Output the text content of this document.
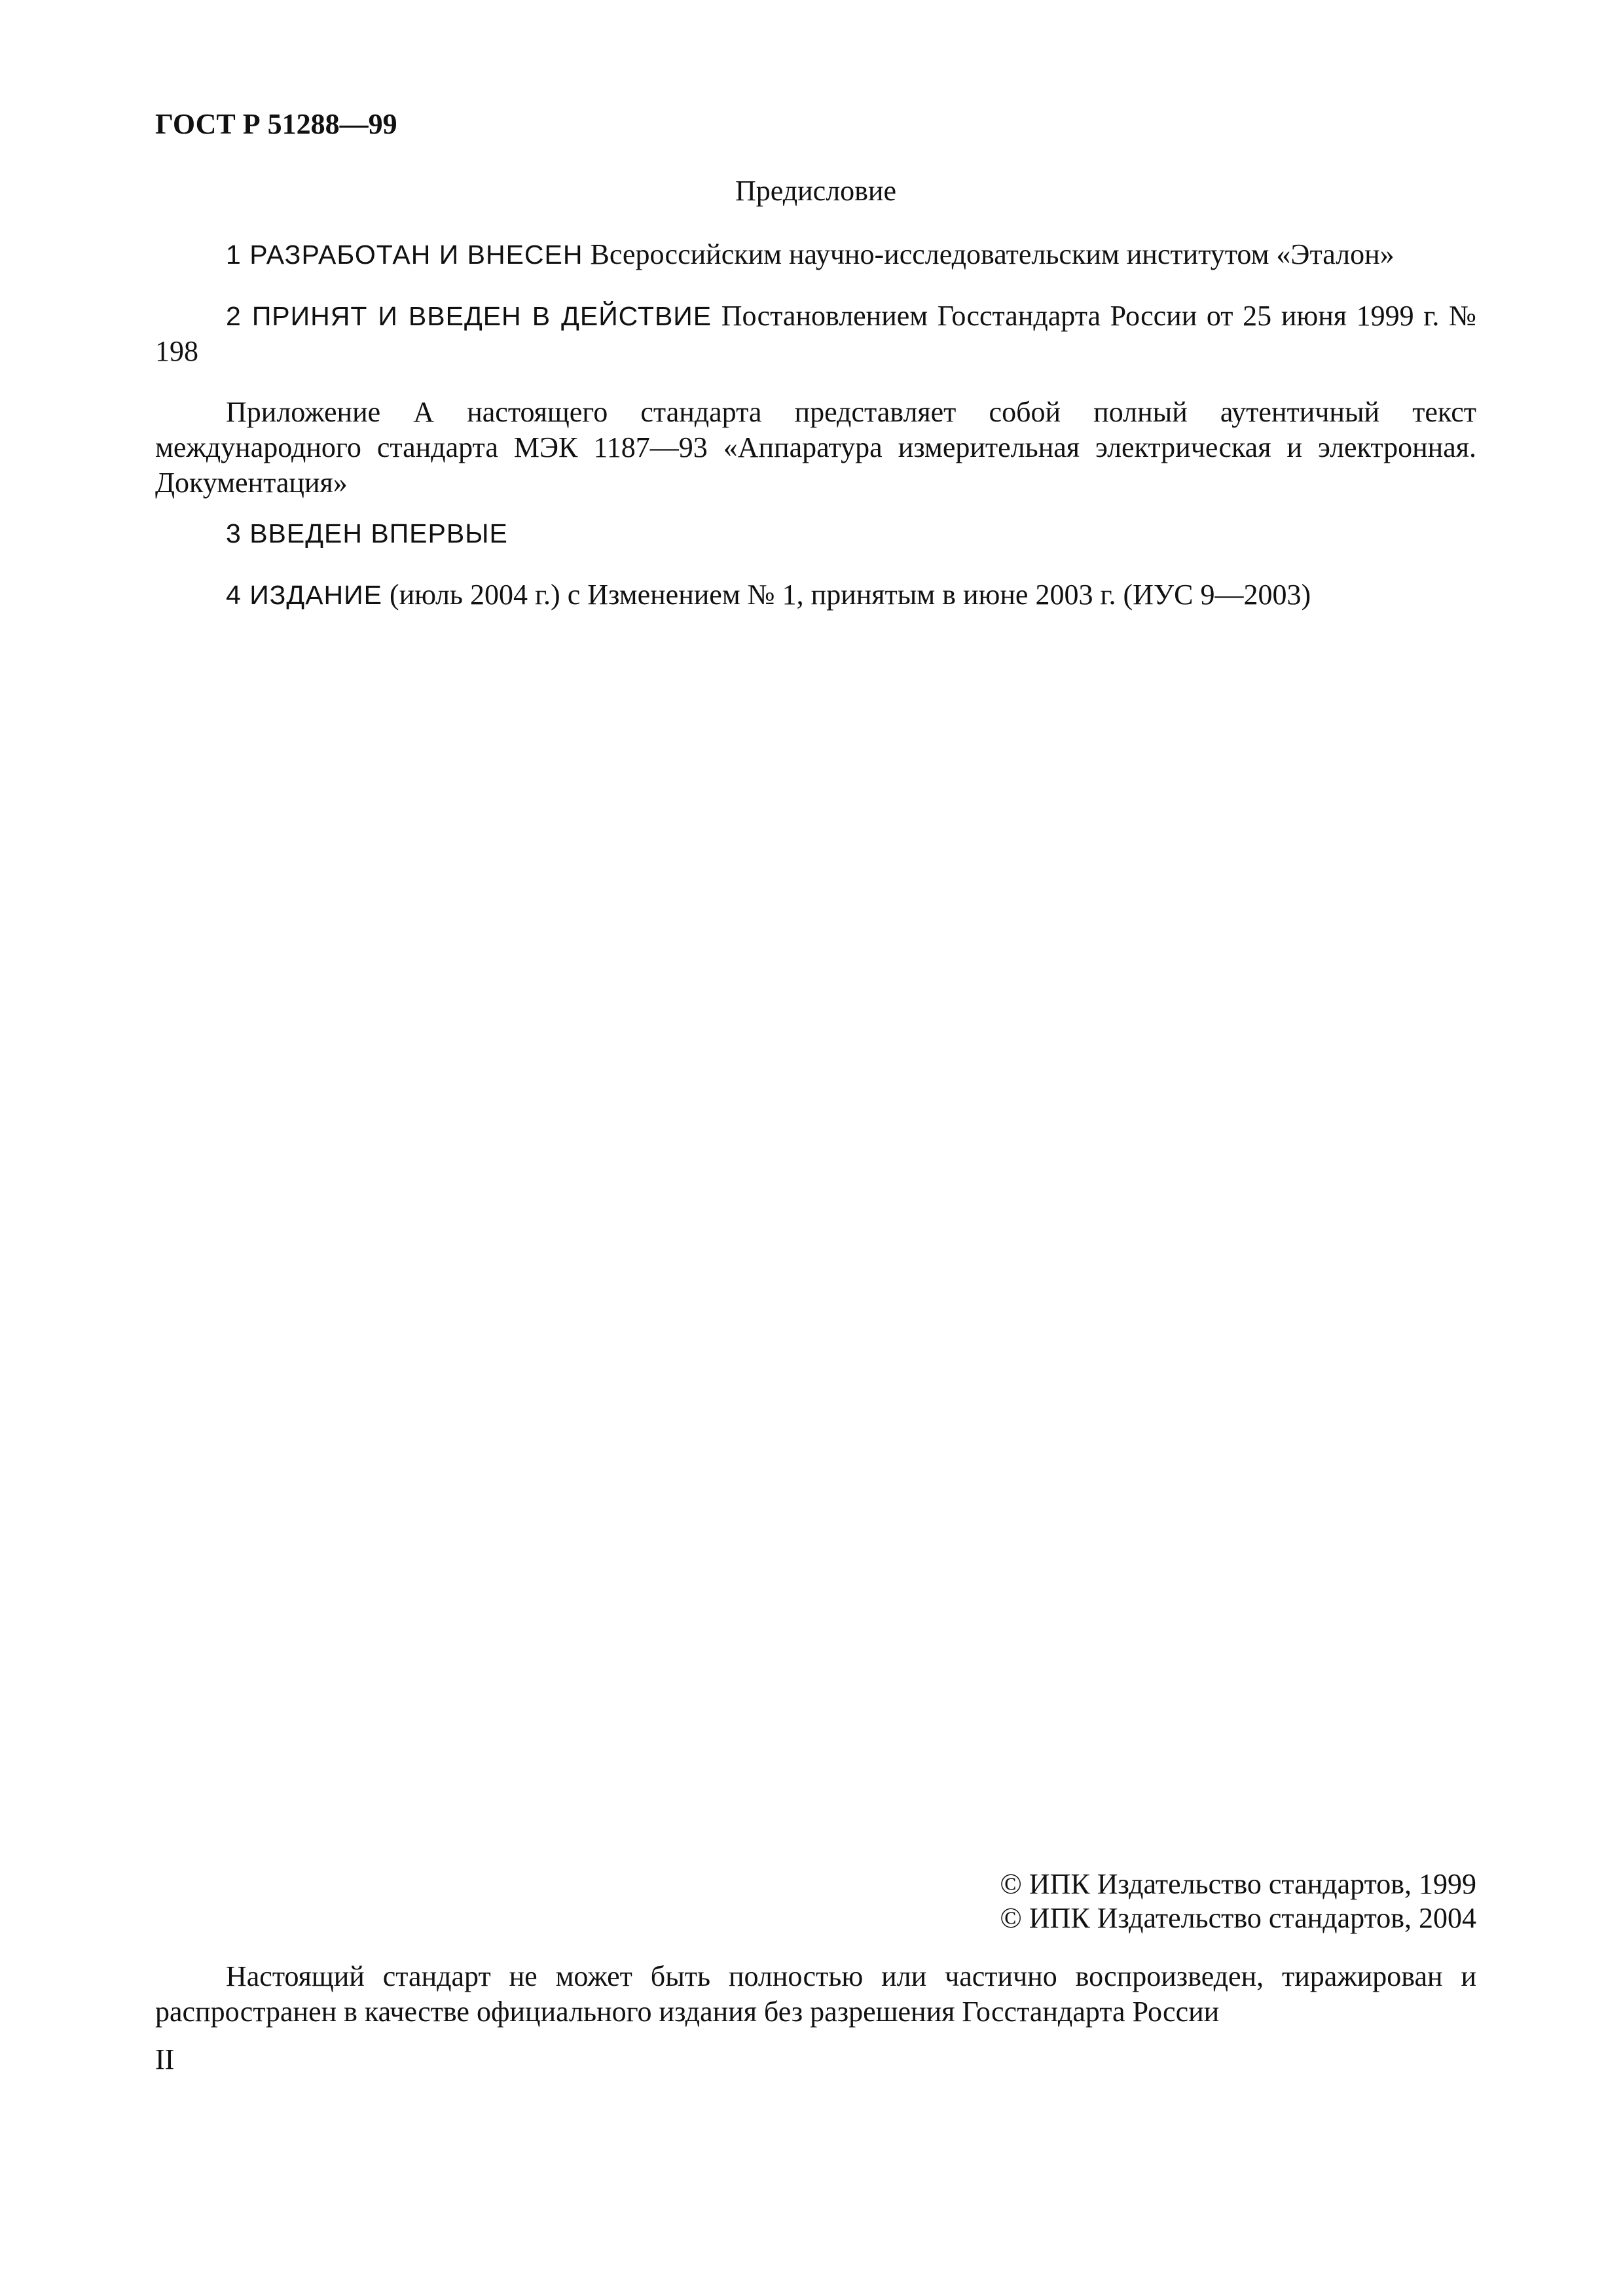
ГОСТ Р 51288—99
Предисловие

1 РАЗРАБОТАН И ВНЕСЕН Всероссийским научно-исследовательским институтом «Эталон»

2 ПРИНЯТ И ВВЕДЕН В ДЕЙСТВИЕ Постановлением Госстандарта России от 25 июня 1999 г. № 198

Приложение А настоящего стандарта представляет собой полный аутентичный текст международного стандарта МЭК 1187—93 «Аппаратура измерительная электрическая и электронная. Документация»

3 ВВЕДЕН ВПЕРВЫЕ

4 ИЗДАНИЕ (июль 2004 г.) с Изменением № 1, принятым в июне 2003 г. (ИУС 9—2003)

© ИПК Издательство стандартов, 1999
© ИПК Издательство стандартов, 2004

Настоящий стандарт не может быть полностью или частично воспроизведен, тиражирован и распространен в качестве официального издания без разрешения Госстандарта России

II
